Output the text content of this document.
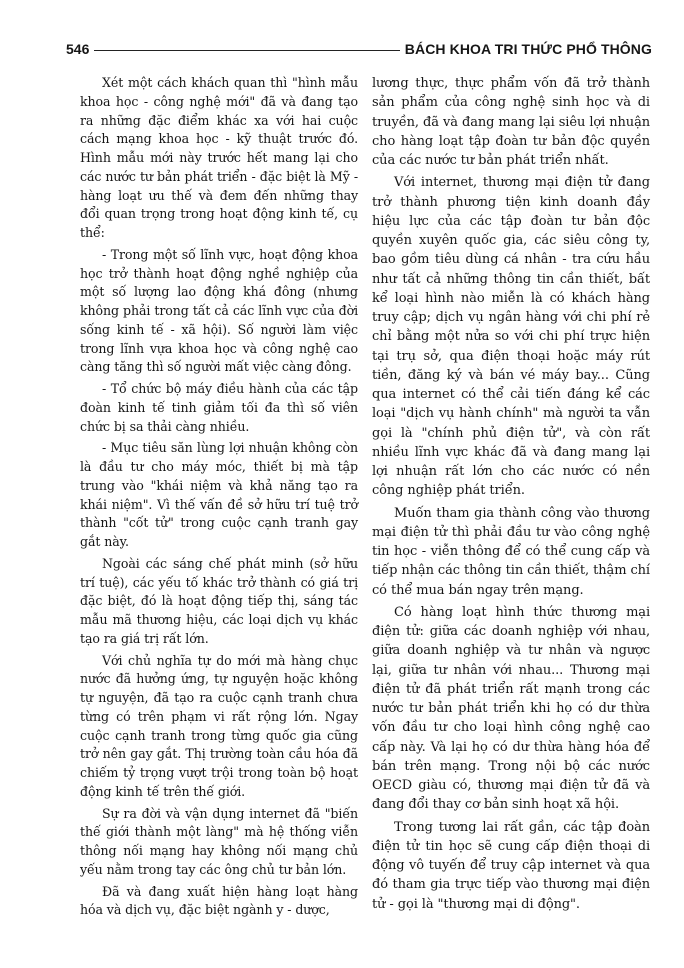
546	BÁCH KHOA TRI THỨC PHỔ THÔNG

Xét một cách khách quan thì "hình mẫu khoa học - công nghệ mới" đã và đang tạo ra những đặc điểm khác xa với hai cuộc cách mạng khoa học - kỹ thuật trước đó. Hình mẫu mới này trước hết mang lại cho các nước tư bản phát triển - đặc biệt là Mỹ - hàng loạt ưu thế và đem đến những thay đổi quan trọng trong hoạt động kinh tế, cụ thể:

- Trong một số lĩnh vực, hoạt động khoa học trở thành hoạt động nghề nghiệp của một số lượng lao động khá đông (nhưng không phải trong tất cả các lĩnh vực của đời sống kinh tế - xã hội). Số người làm việc trong lĩnh vựa khoa học và công nghệ cao càng tăng thì số người mất việc càng đông.

- Tổ chức bộ máy điều hành của các tập đoàn kinh tế tinh giảm tối đa thì số viên chức bị sa thải càng nhiều.

- Mục tiêu săn lùng lợi nhuận không còn là đầu tư cho máy móc, thiết bị mà tập trung vào "khái niệm và khả năng tạo ra khái niệm". Vì thế vấn đề sở hữu trí tuệ trở thành "cốt tử" trong cuộc cạnh tranh gay gắt này.

Ngoài các sáng chế phát minh (sở hữu trí tuệ), các yếu tố khác trở thành có giá trị đặc biệt, đó là hoạt động tiếp thị, sáng tác mẫu mã thương hiệu, các loại dịch vụ khác tạo ra giá trị rất lớn.

Với chủ nghĩa tự do mới mà hàng chục nước đã hưởng ứng, tự nguyện hoặc không tự nguyện, đã tạo ra cuộc cạnh tranh chưa từng có trên phạm vi rất rộng lớn. Ngay cuộc cạnh tranh trong từng quốc gia cũng trở nên gay gắt. Thị trường toàn cầu hóa đã chiếm tỷ trọng vượt trội trong toàn bộ hoạt động kinh tế trên thế giới.

Sự ra đời và vận dụng internet đã "biến thế giới thành một làng" mà hệ thống viễn thông nối mạng hay không nối mạng chủ yếu nằm trong tay các ông chủ tư bản lớn.

Đã và đang xuất hiện hàng loạt hàng hóa và dịch vụ, đặc biệt ngành y - dược,

lương thực, thực phẩm vốn đã trở thành sản phẩm của công nghệ sinh học và di truyền, đã và đang mang lại siêu lợi nhuận cho hàng loạt tập đoàn tư bản độc quyền của các nước tư bản phát triển nhất.

Với internet, thương mại điện tử đang trở thành phương tiện kinh doanh đầy hiệu lực của các tập đoàn tư bản độc quyền xuyên quốc gia, các siêu công ty, bao gồm tiêu dùng cá nhân - tra cứu hầu như tất cả những thông tin cần thiết, bất kể loại hình nào miễn là có khách hàng truy cập; dịch vụ ngân hàng với chi phí rẻ chỉ bằng một nửa so với chi phí trực hiện tại trụ sở, qua điện thoại hoặc máy rút tiền, đăng ký và bán vé máy bay... Cũng qua internet có thể cải tiến đáng kể các loại "dịch vụ hành chính" mà người ta vẫn gọi là "chính phủ điện tử", và còn rất nhiều lĩnh vực khác đã và đang mang lại lợi nhuận rất lớn cho các nước có nền công nghiệp phát triển.

Muốn tham gia thành công vào thương mại điện tử thì phải đầu tư vào công nghệ tin học - viễn thông để có thể cung cấp và tiếp nhận các thông tin cần thiết, thậm chí có thể mua bán ngay trên mạng.

Có hàng loạt hình thức thương mại điện tử: giữa các doanh nghiệp với nhau, giữa doanh nghiệp và tư nhân và ngược lại, giữa tư nhân với nhau... Thương mại điện tử đã phát triển rất mạnh trong các nước tư bản phát triển khi họ có dư thừa vốn đầu tư cho loại hình công nghệ cao cấp này. Và lại họ có dư thừa hàng hóa để bán trên mạng. Trong nội bộ các nước OECD giàu có, thương mại điện tử đã và đang đổi thay cơ bản sinh hoạt xã hội.

Trong tương lai rất gần, các tập đoàn điện tử tin học sẽ cung cấp điện thoại di động vô tuyến để truy cập internet và qua đó tham gia trực tiếp vào thương mại điện tử - gọi là "thương mại di động".
